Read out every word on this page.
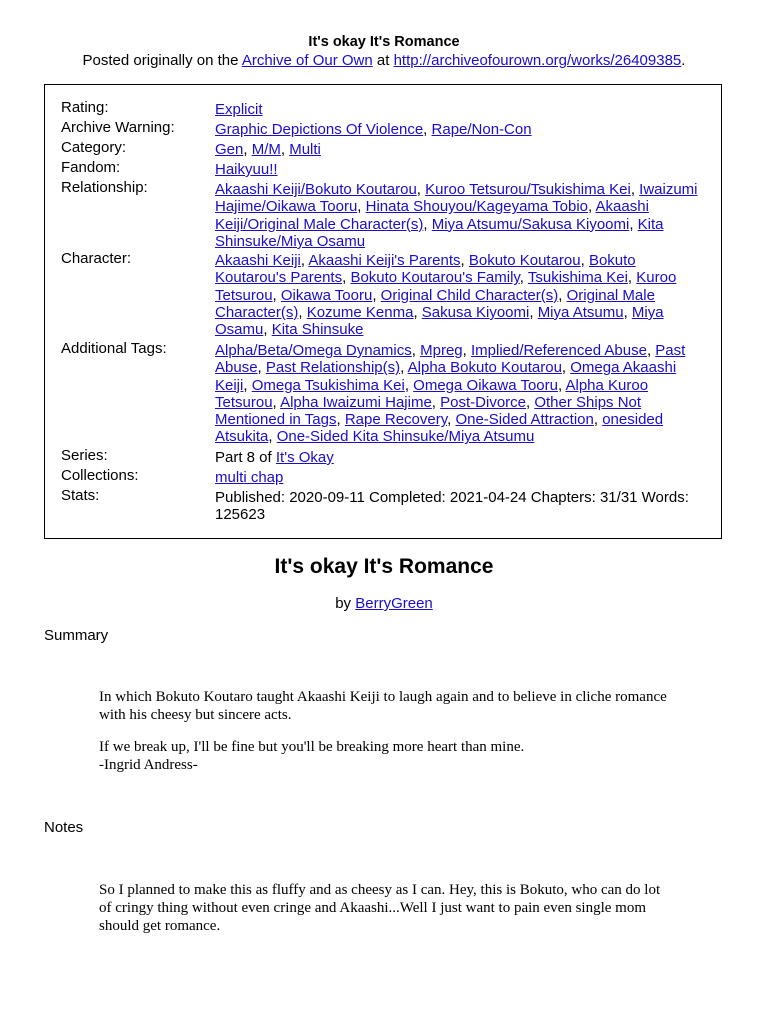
It's okay It's Romance
Posted originally on the Archive of Our Own at http://archiveofourown.org/works/26409385.
Rating:	Explicit
Archive Warning:	Graphic Depictions Of Violence, Rape/Non-Con
Category:	Gen, M/M, Multi
Fandom:	Haikyuu!!
Relationship:	Akaashi Keiji/Bokuto Koutarou, Kuroo Tetsurou/Tsukishima Kei, Iwaizumi Hajime/Oikawa Tooru, Hinata Shouyou/Kageyama Tobio, Akaashi Keiji/Original Male Character(s), Miya Atsumu/Sakusa Kiyoomi, Kita Shinsuke/Miya Osamu
Character:	Akaashi Keiji, Akaashi Keiji's Parents, Bokuto Koutarou, Bokuto Koutarou's Parents, Bokuto Koutarou's Family, Tsukishima Kei, Kuroo Tetsurou, Oikawa Tooru, Original Child Character(s), Original Male Character(s), Kozume Kenma, Sakusa Kiyoomi, Miya Atsumu, Miya Osamu, Kita Shinsuke
Additional Tags:	Alpha/Beta/Omega Dynamics, Mpreg, Implied/Referenced Abuse, Past Abuse, Past Relationship(s), Alpha Bokuto Koutarou, Omega Akaashi Keiji, Omega Tsukishima Kei, Omega Oikawa Tooru, Alpha Kuroo Tetsurou, Alpha Iwaizumi Hajime, Post-Divorce, Other Ships Not Mentioned in Tags, Rape Recovery, One-Sided Attraction, onesided Atsukita, One-Sided Kita Shinsuke/Miya Atsumu
Series:	Part 8 of It's Okay
Collections:	multi chap
Stats:	Published: 2020-09-11 Completed: 2021-04-24 Chapters: 31/31 Words: 125623
It's okay It's Romance
by BerryGreen
Summary

In which Bokuto Koutaro taught Akaashi Keiji to laugh again and to believe in cliche romance with his cheesy but sincere acts.

If we break up, I'll be fine but you'll be breaking more heart than mine.
-Ingrid Andress-

Notes

So I planned to make this as fluffy and as cheesy as I can. Hey, this is Bokuto, who can do lot of cringy thing without even cringe and Akaashi...Well I just want to pain even single mom should get romance.
